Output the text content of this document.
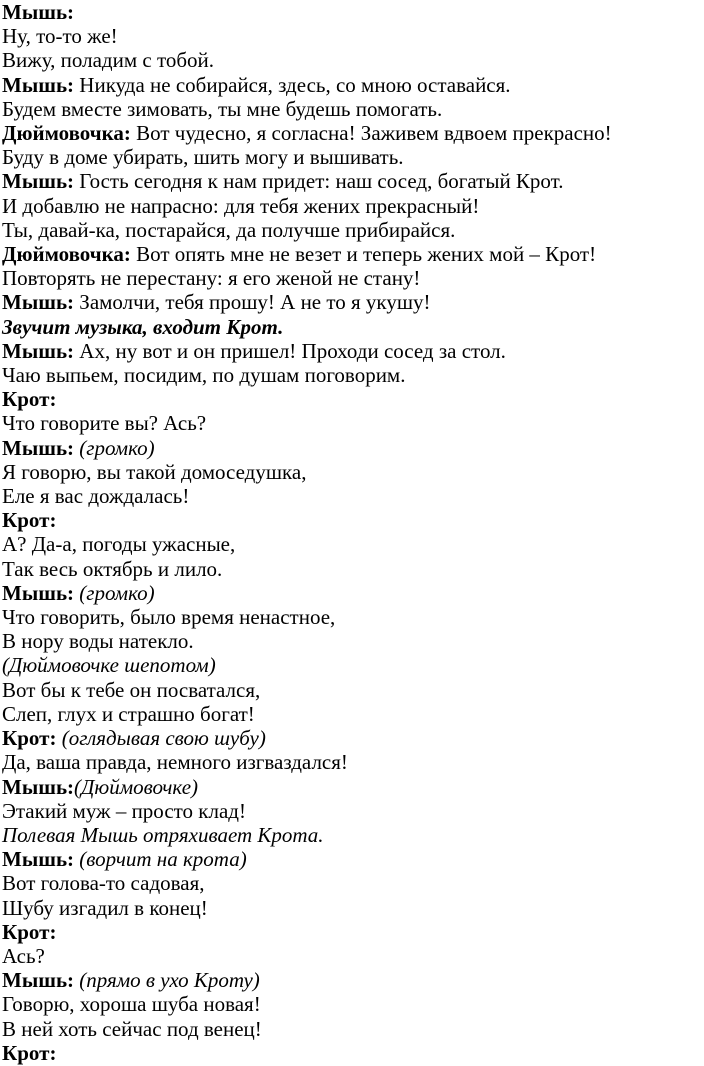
Мышь:
Ну, то-то же!
Вижу, поладим с тобой.
Мышь: Никуда не собирайся, здесь, со мною оставайся.
Будем вместе зимовать, ты мне будешь помогать.
Дюймовочка: Вот чудесно, я согласна! Заживем вдвоем прекрасно!
Буду в доме убирать, шить могу и вышивать.
Мышь: Гость сегодня к нам придет: наш сосед, богатый Крот.
И добавлю не напрасно: для тебя жених прекрасный!
Ты, давай-ка, постарайся, да получше прибирайся.
Дюймовочка: Вот опять мне не везет и теперь жених мой – Крот!
Повторять не перестану: я его женой не стану!
Мышь: Замолчи, тебя прошу! А не то я укушу!
Звучит музыка, входит Крот.
Мышь: Ах, ну вот и он пришел! Проходи сосед за стол.
Чаю выпьем, посидим, по душам поговорим.
Крот:
Что говорите вы? Ась?
Мышь: (громко)
Я говорю, вы такой домоседушка,
Еле я вас дождалась!
Крот:
А? Да-а, погоды ужасные,
Так весь октябрь и лило.
Мышь: (громко)
Что говорить, было время ненастное,
В нору воды натекло.
(Дюймовочке шепотом)
Вот бы к тебе он посватался,
Слеп, глух и страшно богат!
Крот: (оглядывая свою шубу)
Да, ваша правда, немного изгваздался!
Мышь:(Дюймовочке)
Этакий муж – просто клад!
Полевая Мышь отряхивает Крота.
Мышь: (ворчит на крота)
Вот голова-то садовая,
Шубу изгадил в конец!
Крот:
Ась?
Мышь: (прямо в ухо Кроту)
Говорю, хороша шуба новая!
В ней хоть сейчас под венец!
Крот:
